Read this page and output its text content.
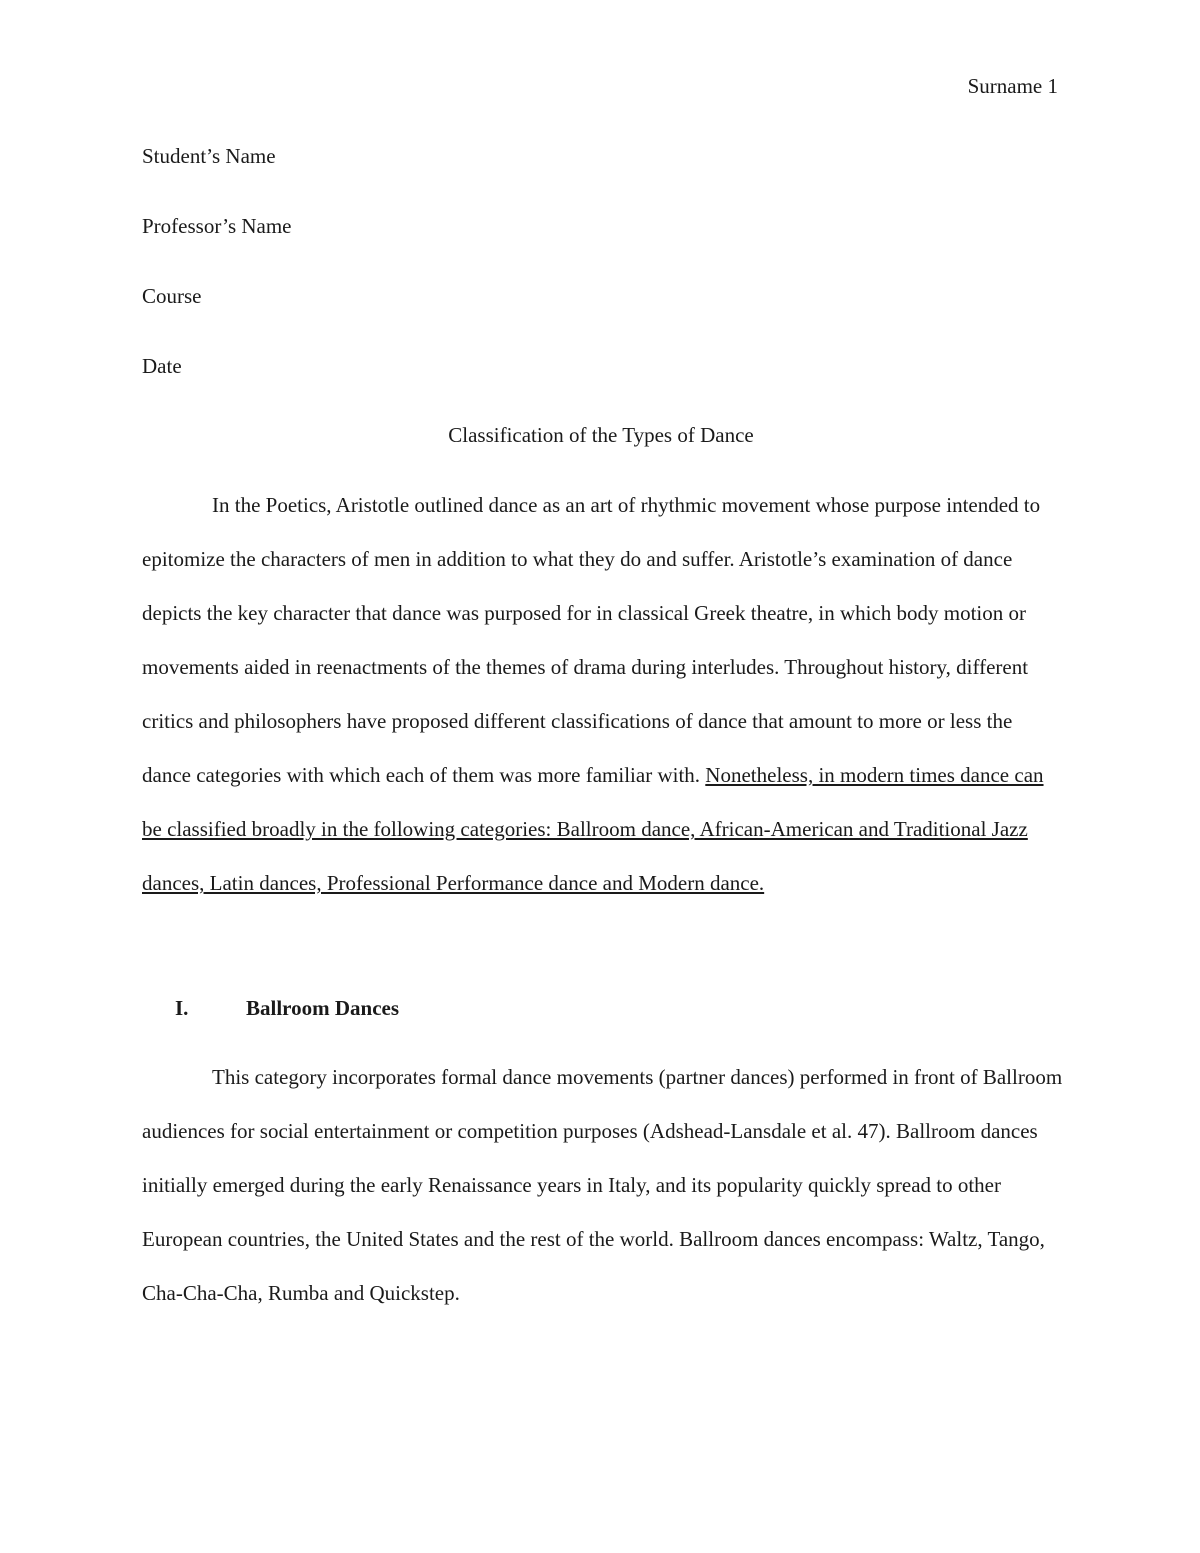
Surname 1
Student’s Name
Professor’s Name
Course
Date
Classification of the Types of Dance
In the Poetics, Aristotle outlined dance as an art of rhythmic movement whose purpose intended to epitomize the characters of men in addition to what they do and suffer. Aristotle’s examination of dance depicts the key character that dance was purposed for in classical Greek theatre, in which body motion or movements aided in reenactments of the themes of drama during interludes. Throughout history, different critics and philosophers have proposed different classifications of dance that amount to more or less the dance categories with which each of them was more familiar with. Nonetheless, in modern times dance can be classified broadly in the following categories: Ballroom dance, African-American and Traditional Jazz dances, Latin dances, Professional Performance dance and Modern dance.
I.	Ballroom Dances
This category incorporates formal dance movements (partner dances) performed in front of Ballroom audiences for social entertainment or competition purposes (Adshead-Lansdale et al. 47). Ballroom dances initially emerged during the early Renaissance years in Italy, and its popularity quickly spread to other European countries, the United States and the rest of the world. Ballroom dances encompass: Waltz, Tango, Cha-Cha-Cha, Rumba and Quickstep.
